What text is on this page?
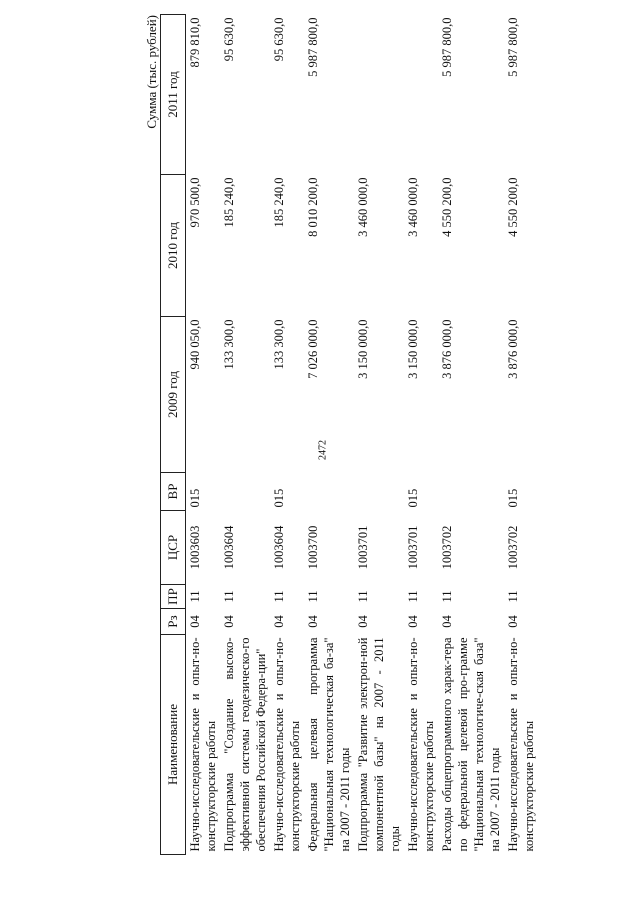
2472
Сумма (тыс. рублей)
Наименование	Рз	ПР	ЦСР	ВР	2009 год	2010 год	2011 год
Научно-исследовательские и опыт-но-конструкторские работы	04	11	1003603	015	940 050,0	970 500,0	879 810,0
Подпрограмма "Создание высоко-эффективной системы геодезическо-го обеспечения Российской Федера-ции"	04	11	1003604		133 300,0	185 240,0	95 630,0
Научно-исследовательские и опыт-но-конструкторские работы	04	11	1003604	015	133 300,0	185 240,0	95 630,0
Федеральная целевая программа "Национальная технологическая ба-за" на 2007 - 2011 годы	04	11	1003700		7 026 000,0	8 010 200,0	5 987 800,0
Подпрограмма "Развитие электрон-ной компонентной базы" на 2007 - 2011 годы	04	11	1003701		3 150 000,0	3 460 000,0	
Научно-исследовательские и опыт-но-конструкторские работы	04	11	1003701	015	3 150 000,0	3 460 000,0	
Расходы общепрограммного харак-тера по федеральной целевой про-грамме "Национальная технологиче-ская база" на 2007 - 2011 годы	04	11	1003702		3 876 000,0	4 550 200,0	5 987 800,0
Научно-исследовательские и опыт-но-конструкторские работы	04	11	1003702	015	3 876 000,0	4 550 200,0	5 987 800,0
